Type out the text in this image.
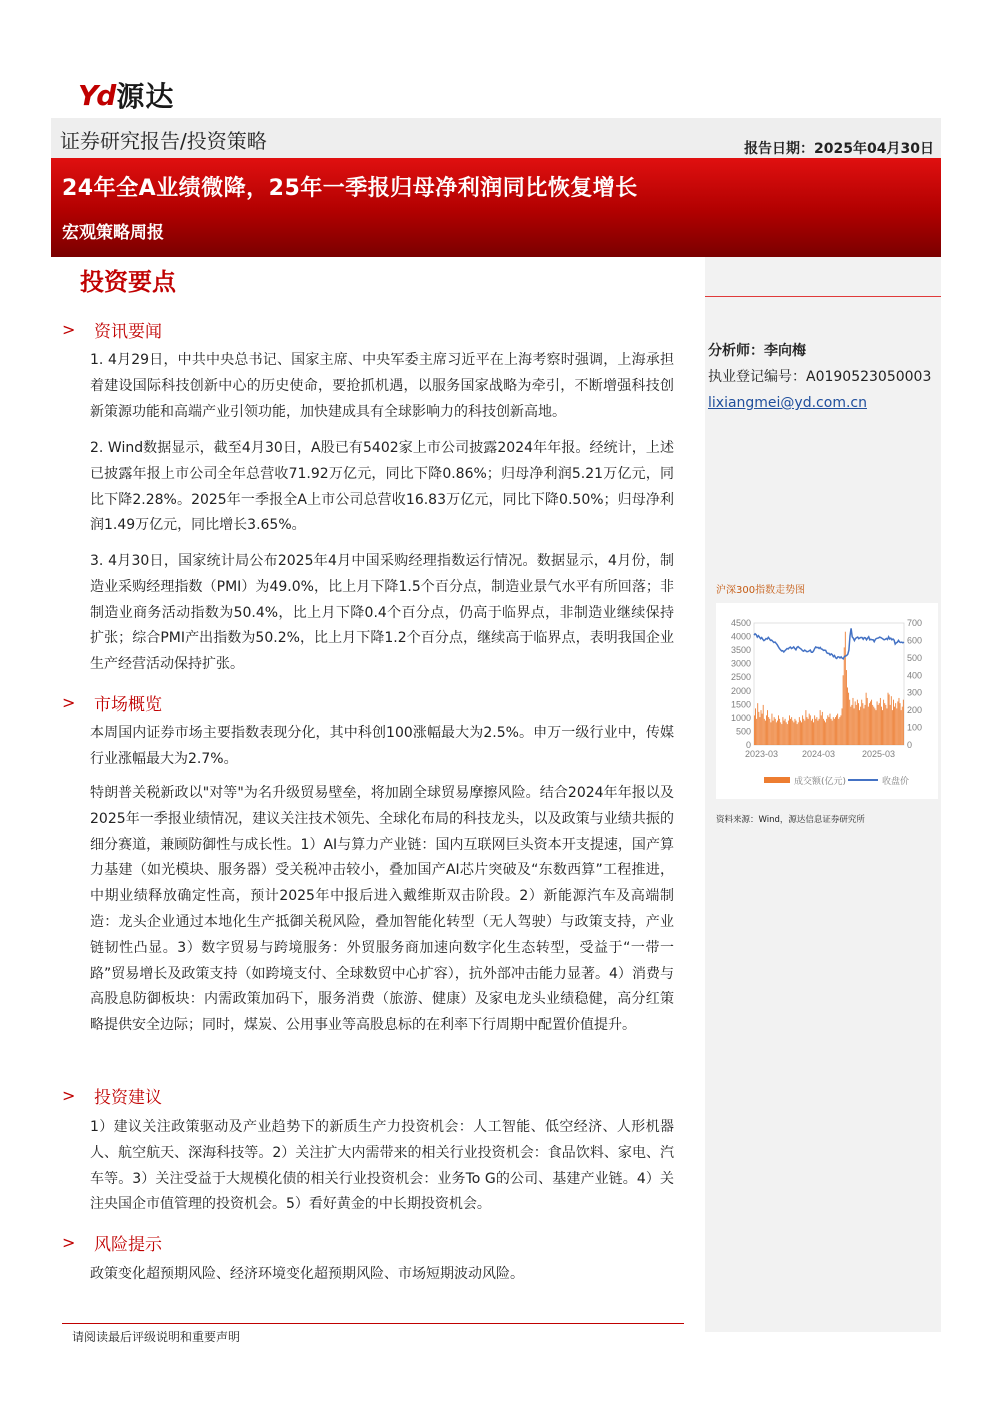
Yd 源达
证券研究报告/投资策略	报告日期：2025年04月30日
24年全A业绩微降，25年一季报归母净利润同比恢复增长
宏观策略周报
投资要点
>	资讯要闻

1. 4月29日，中共中央总书记、国家主席、中央军委主席习近平在上海考察时强调，上海承担着建设国际科技创新中心的历史使命，要抢抓机遇，以服务国家战略为牵引，不断增强科技创新策源功能和高端产业引领功能，加快建成具有全球影响力的科技创新高地。

2. Wind数据显示，截至4月30日，A股已有5402家上市公司披露2024年年报。经统计，上述已披露年报上市公司全年总营收71.92万亿元，同比下降0.86%；归母净利润5.21万亿元，同比下降2.28%。2025年一季报全A上市公司总营收16.83万亿元，同比下降0.50%；归母净利润1.49万亿元，同比增长3.65%。

3. 4月30日，国家统计局公布2025年4月中国采购经理指数运行情况。数据显示，4月份，制造业采购经理指数（PMI）为49.0%，比上月下降1.5个百分点，制造业景气水平有所回落；非制造业商务活动指数为50.4%，比上月下降0.4个百分点，仍高于临界点，非制造业继续保持扩张；综合PMI产出指数为50.2%，比上月下降1.2个百分点，继续高于临界点，表明我国企业生产经营活动保持扩张。

>	市场概览

本周国内证券市场主要指数表现分化，其中科创100涨幅最大为2.5%。申万一级行业中，传媒行业涨幅最大为2.7%。

特朗普关税新政以"对等"为名升级贸易壁垒，将加剧全球贸易摩擦风险。结合2024年年报以及2025年一季报业绩情况，建议关注技术领先、全球化布局的科技龙头，以及政策与业绩共振的细分赛道，兼顾防御性与成长性。1）AI与算力产业链：国内互联网巨头资本开支提速，国产算力基建（如光模块、服务器）受关税冲击较小，叠加国产AI芯片突破及“东数西算”工程推进，中期业绩释放确定性高，预计2025年中报后进入戴维斯双击阶段。2）新能源汽车及高端制造：龙头企业通过本地化生产抵御关税风险，叠加智能化转型（无人驾驶）与政策支持，产业链韧性凸显。3）数字贸易与跨境服务：外贸服务商加速向数字化生态转型，受益于“一带一路”贸易增长及政策支持（如跨境支付、全球数贸中心扩容），抗外部冲击能力显著。4）消费与高股息防御板块：内需政策加码下，服务消费（旅游、健康）及家电龙头业绩稳健，高分红策略提供安全边际；同时，煤炭、公用事业等高股息标的在利率下行周期中配置价值提升。

>	投资建议

1）建议关注政策驱动及产业趋势下的新质生产力投资机会：人工智能、低空经济、人形机器人、航空航天、深海科技等。2）关注扩大内需带来的相关行业投资机会：食品饮料、家电、汽车等。3）关注受益于大规模化债的相关行业投资机会：业务To G的公司、基建产业链。4）关注央国企市值管理的投资机会。5）看好黄金的中长期投资机会。

>	风险提示

政策变化超预期风险、经济环境变化超预期风险、市场短期波动风险。

分析师：李向梅
执业登记编号：A0190523050003
lixiangmei@yd.com.cn
沪深300指数走势图
4500
4000
3500
3000
2500
2000
1500
1000
500
0
700
600
500
400
300
200
100
0
2023-03	2024-03	2025-03
成交额(亿元)	收盘价
资料来源：Wind，源达信息证券研究所
请阅读最后评级说明和重要声明
